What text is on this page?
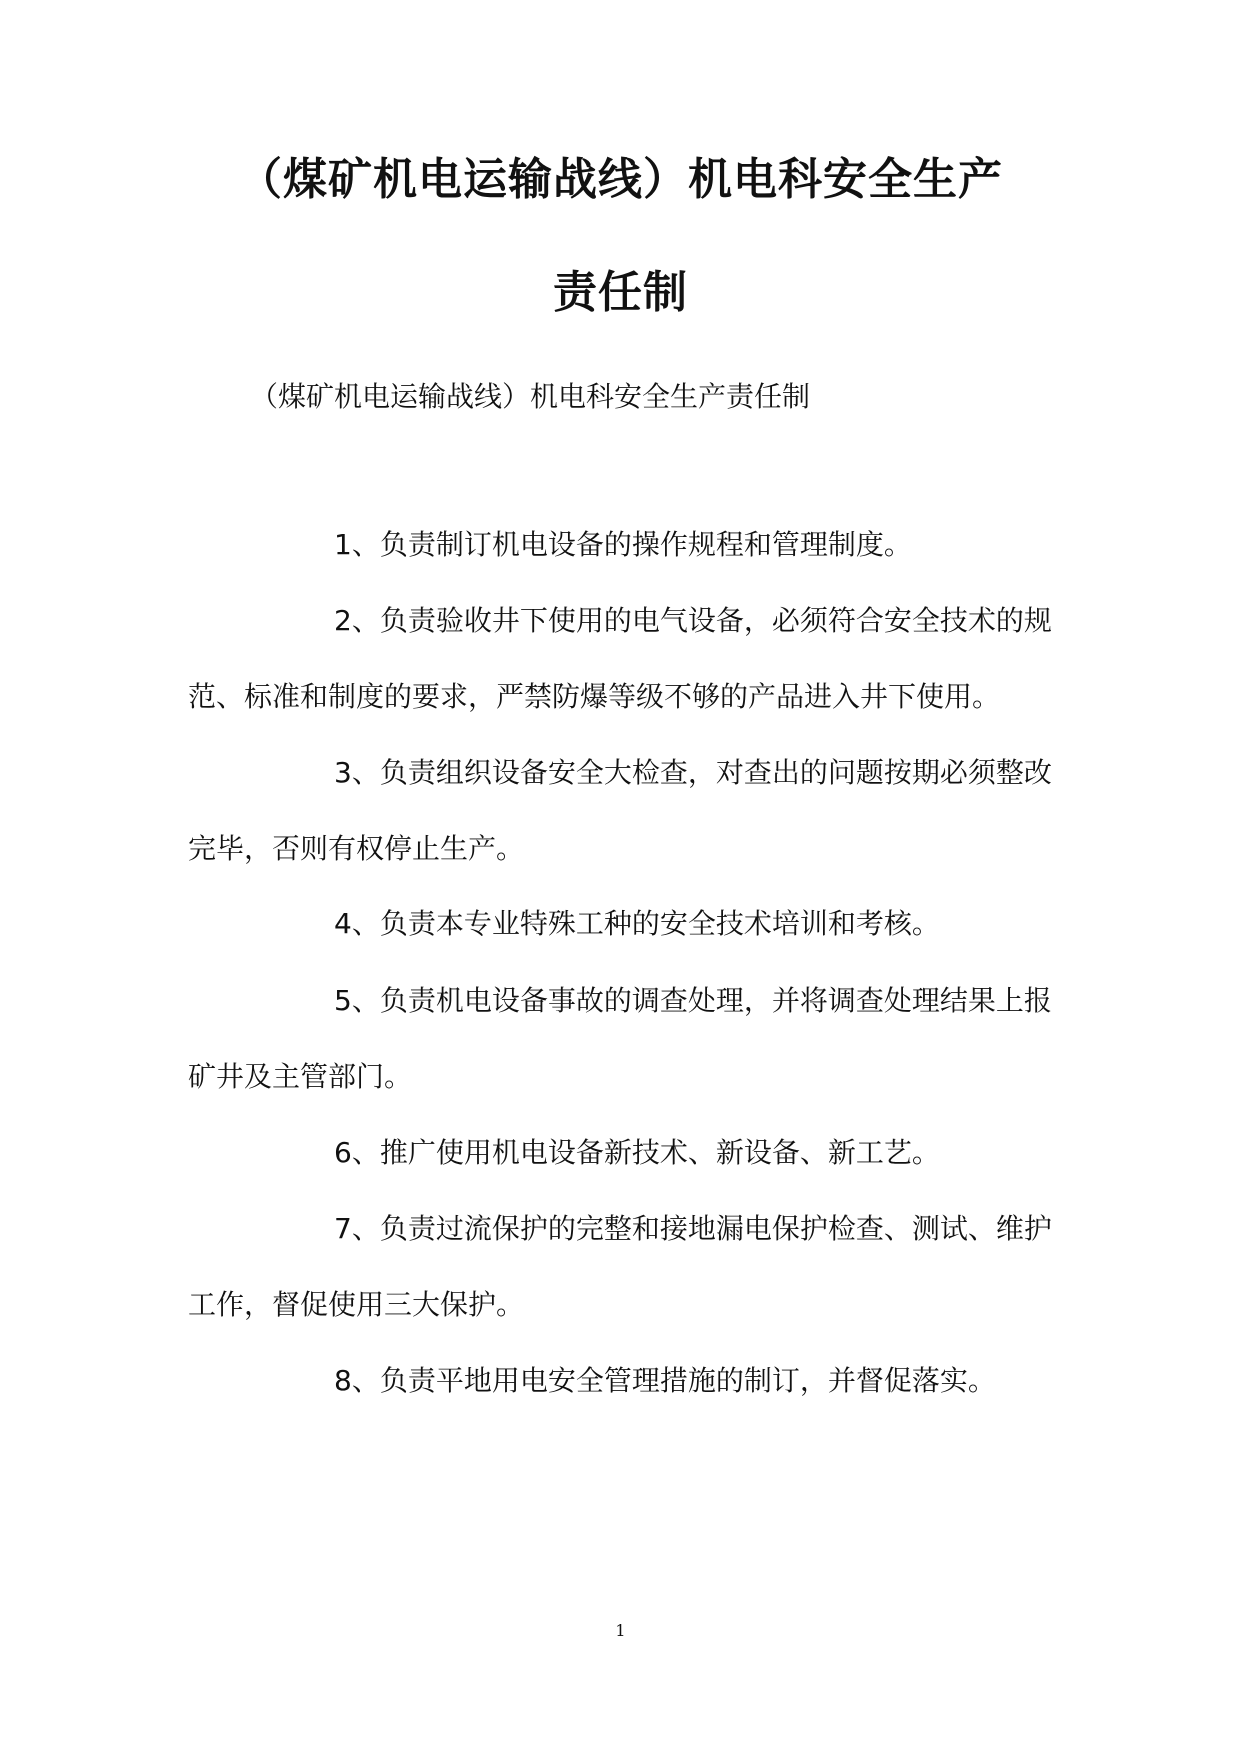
（煤矿机电运输战线）机电科安全生产
责任制
（煤矿机电运输战线）机电科安全生产责任制

1、负责制订机电设备的操作规程和管理制度。

2、负责验收井下使用的电气设备，必须符合安全技术的规范、标准和制度的要求，严禁防爆等级不够的产品进入井下使用。

3、负责组织设备安全大检查，对查出的问题按期必须整改完毕，否则有权停止生产。

4、负责本专业特殊工种的安全技术培训和考核。

5、负责机电设备事故的调查处理，并将调查处理结果上报矿井及主管部门。

6、推广使用机电设备新技术、新设备、新工艺。

7、负责过流保护的完整和接地漏电保护检查、测试、维护工作，督促使用三大保护。

8、负责平地用电安全管理措施的制订，并督促落实。

1
